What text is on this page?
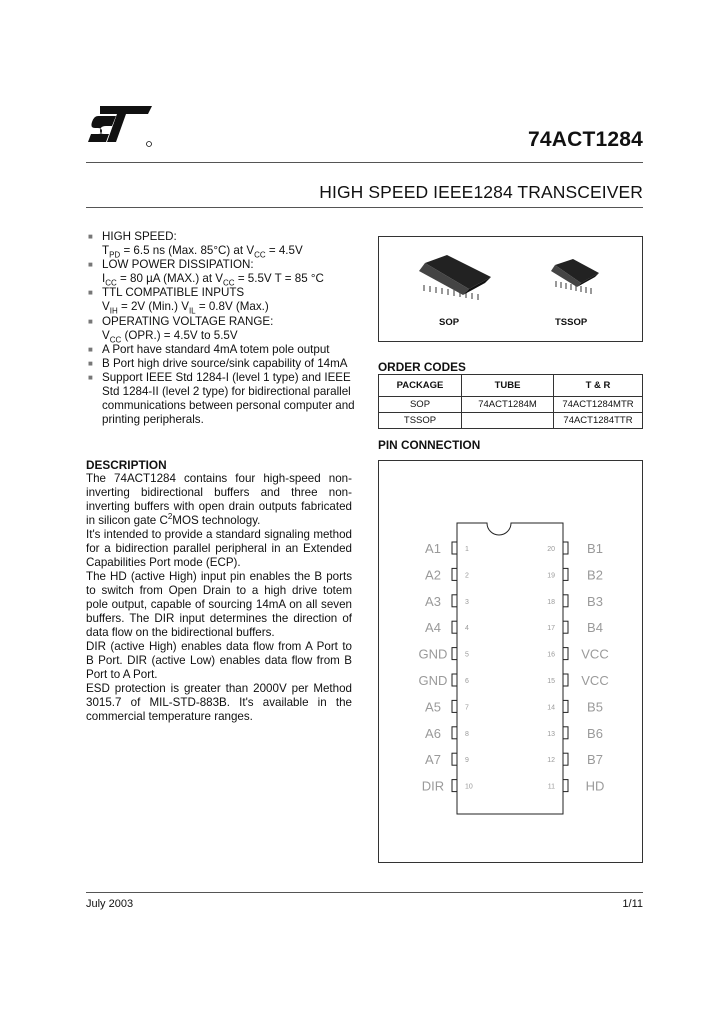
74ACT1284
HIGH SPEED IEEE1284 TRANSCEIVER
■ HIGH SPEED:
$T_{PD} = 6.5$ ns (Max. 85°C) at $V_{CC} = 4.5V$
■ LOW POWER DISSIPATION:
$I_{CC} = 80$ µA (MAX.) at $V_{CC} = 5.5V$ T = 85 °C
■ TTL COMPATIBLE INPUTS
$V_{IH} = 2V$ (Min.) $V_{IL} = 0.8V$ (Max.)
■ OPERATING VOLTAGE RANGE:
$V_{CC}$ (OPR.) = 4.5V to 5.5V
■ A Port have standard 4mA totem pole output
■ B Port high drive source/sink capability of 14mA
■ Support IEEE Std 1284-I (level 1 type) and IEEE Std 1284-II (level 2 type) for bidirectional parallel communications between personal computer and printing peripherals.
DESCRIPTION

The 74ACT1284 contains four high-speed non-inverting bidirectional buffers and three non-inverting buffers with open drain outputs fabricated in silicon gate $C^2MOS$ technology.

It's intended to provide a standard signaling method for a bidirection parallel peripheral in an Extended Capabilities Port mode (ECP).

The HD (active High) input pin enables the B ports to switch from Open Drain to a high drive totem pole output, capable of sourcing 14mA on all seven buffers. The DIR input determines the direction of data flow on the bidirectional buffers.

DIR (active High) enables data flow from A Port to B Port. DIR (active Low) enables data flow from B Port to A Port.

ESD protection is greater than 2000V per Method 3015.7 of MIL-STD-883B. It's available in the commercial temperature ranges.

SOP	TSSOP
ORDER CODES
PACKAGE	TUBE	T & R
SOP	74ACT1284M	74ACT1284MTR
TSSOP		74ACT1284TTR
PIN CONNECTION
A1	1
A2	2
A3	3
A4	4
GND	5
GND	6
A5	7
A6	8
A7	9
DIR	10
B1
20
B2
19
B3
18
B4
17
VCC
16
VCC
15
B5
14
B6
13
B7
12
HD
11
July 2003	1/11
